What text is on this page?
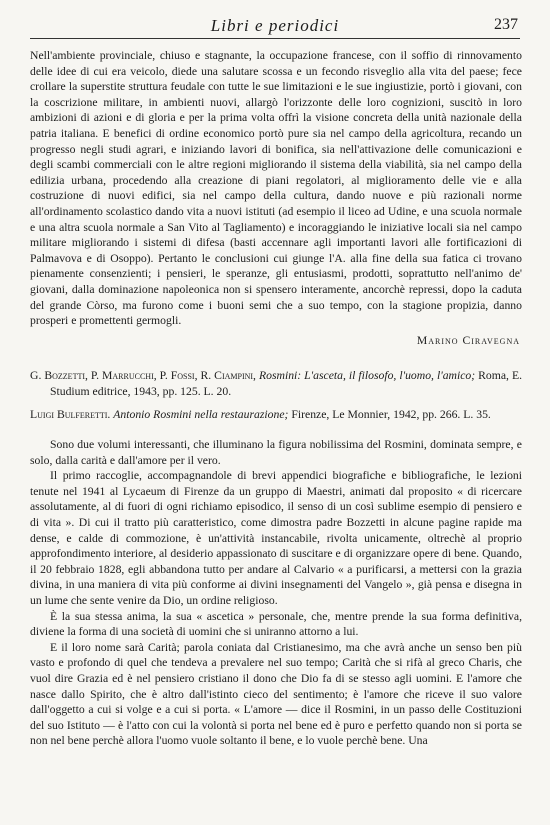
Libri e periodici	237

Nell'ambiente provinciale, chiuso e stagnante, la occupazione francese, con il soffio di rinnovamento delle idee di cui era veicolo, diede una salutare scossa e un fecondo risveglio alla vita del paese; fece crollare la superstite struttura feudale con tutte le sue limitazioni e le sue ingiustizie, portò i giovani, con la coscrizione militare, in ambienti nuovi, allargò l'orizzonte delle loro cognizioni, suscitò in loro ambizioni di azioni e di gloria e per la prima volta offrì la visione concreta della unità nazionale della patria italiana. E benefici di ordine economico portò pure sia nel campo della agricoltura, recando un progresso negli studi agrari, e iniziando lavori di bonifica, sia nell'attivazione delle comunicazioni e degli scambi commerciali con le altre regioni migliorando il sistema della viabilità, sia nel campo della edilizia urbana, procedendo alla creazione di piani regolatori, al miglioramento delle vie e alla costruzione di nuovi edifici, sia nel campo della cultura, dando nuove e più razionali norme all'ordinamento scolastico dando vita a nuovi istituti (ad esempio il liceo ad Udine, e una scuola normale e una altra scuola normale a San Vito al Tagliamento) e incoraggiando le iniziative locali sia nel campo militare migliorando i sistemi di difesa (basti accennare agli importanti lavori alle fortificazioni di Palmavova e di Osoppo). Pertanto le conclusioni cui giunge l'A. alla fine della sua fatica ci trovano pienamente consenzienti; i pensieri, le speranze, gli entusiasmi, prodotti, soprattutto nell'animo de' giovani, dalla dominazione napoleonica non si spensero interamente, ancorchè repressi, dopo la caduta del grande Còrso, ma furono come i buoni semi che a suo tempo, con la stagione propizia, danno prosperi e promettenti germogli.

Marino Ciravegna

G. Bozzetti, P. Marrucchi, P. Fossi, R. Ciampini, Rosmini: L'asceta, il filosofo, l'uomo, l'amico; Roma, E. Studium editrice, 1943, pp. 125. L. 20.

Luigi Bulferetti. Antonio Rosmini nella restaurazione; Firenze, Le Monnier, 1942, pp. 266. L. 35.

Sono due volumi interessanti, che illuminano la figura nobilissima del Rosmini, dominata sempre, e solo, dalla carità e dall'amore per il vero.

Il primo raccoglie, accompagnandole di brevi appendici biografiche e bibliografiche, le lezioni tenute nel 1941 al Lycaeum di Firenze da un gruppo di Maestri, animati dal proposito « di ricercare assolutamente, al di fuori di ogni richiamo episodico, il senso di un così sublime esempio di pensiero e di vita ». Di cui il tratto più caratteristico, come dimostra padre Bozzetti in alcune pagine rapide ma dense, e calde di commozione, è un'attività instancabile, rivolta unicamente, oltrechè al proprio approfondimento interiore, al desiderio appassionato di suscitare e di organizzare opere di bene. Quando, il 20 febbraio 1828, egli abbandona tutto per andare al Calvario « a purificarsi, a mettersi con la grazia divina, in una maniera di vita più conforme ai divini insegnamenti del Vangelo », già pensa e disegna in un lume che sente venire da Dio, un ordine religioso.

È la sua stessa anima, la sua « ascetica » personale, che, mentre prende la sua forma definitiva, diviene la forma di una società di uomini che si uniranno attorno a lui.

E il loro nome sarà Carità; parola coniata dal Cristianesimo, ma che avrà anche un senso ben più vasto e profondo di quel che tendeva a prevalere nel suo tempo; Carità che si rifà al greco Charis, che vuol dire Grazia ed è nel pensiero cristiano il dono che Dio fa di se stesso agli uomini. E l'amore che nasce dallo Spirito, che è altro dall'istinto cieco del sentimento; è l'amore che riceve il suo valore dall'oggetto a cui si volge e a cui si porta. « L'amore — dice il Rosmini, in un passo delle Costituzioni del suo Istituto — è l'atto con cui la volontà si porta nel bene ed è puro e perfetto quando non si porta se non nel bene perchè allora l'uomo vuole soltanto il bene, e lo vuole perchè bene. Una
